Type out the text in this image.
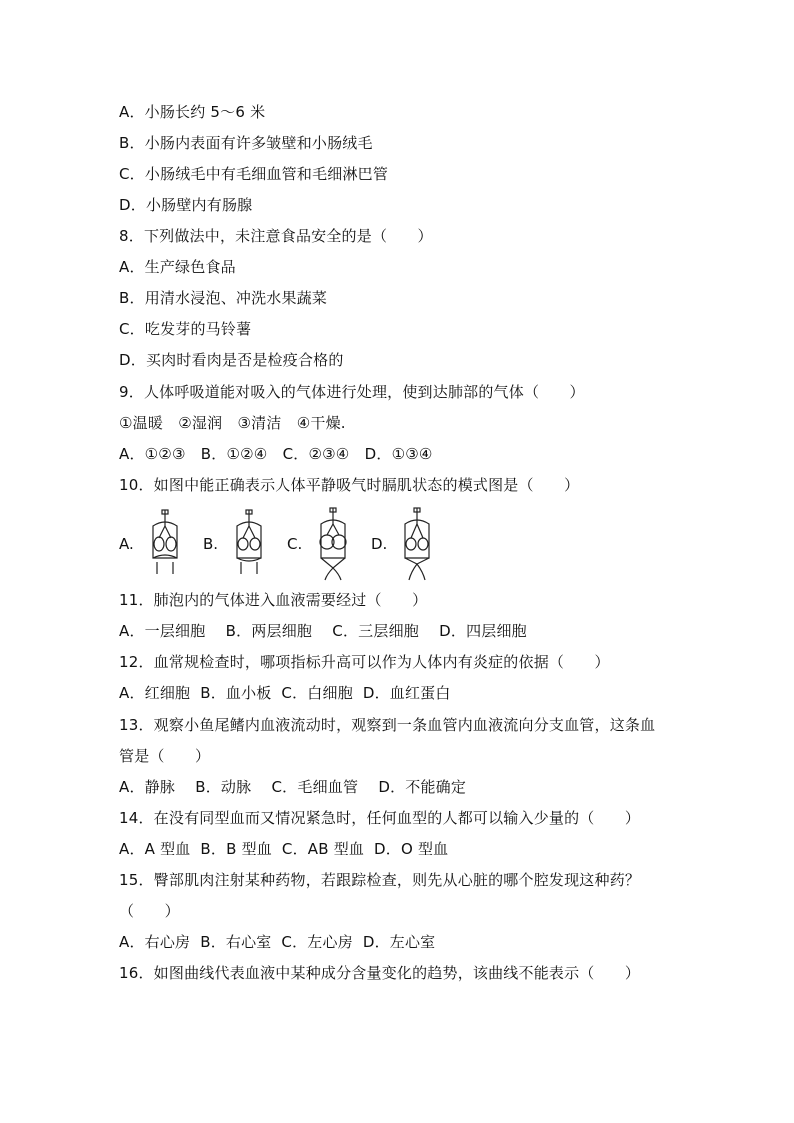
A．小肠长约 5～6 米
B．小肠内表面有许多皱壁和小肠绒毛
C．小肠绒毛中有毛细血管和毛细淋巴管
D．小肠壁内有肠腺
8．下列做法中，未注意食品安全的是（　　）
A．生产绿色食品
B．用清水浸泡、冲洗水果蔬菜
C．吃发芽的马铃薯
D．买肉时看肉是否是检疫合格的
9．人体呼吸道能对吸入的气体进行处理，使到达肺部的气体（　　）
①温暖　②湿润　③清洁　④干燥.
A．①②③　B．①②④　C．②③④　D．①③④
10．如图中能正确表示人体平静吸气时膈肌状态的模式图是（　　）
A.	B.	C.	D.
11．肺泡内的气体进入血液需要经过（　　）
A．一层细胞　 B．两层细胞　 C．三层细胞　 D．四层细胞
12．血常规检查时，哪项指标升高可以作为人体内有炎症的依据（　　）
A．红细胞  B．血小板  C．白细胞  D．血红蛋白
13．观察小鱼尾鳍内血液流动时，观察到一条血管内血液流向分支血管，这条血
管是（　　）
A．静脉　 B．动脉　 C．毛细血管　 D．不能确定
14．在没有同型血而又情况紧急时，任何血型的人都可以输入少量的（　　）
A．A 型血  B．B 型血  C．AB 型血  D．O 型血
15．臀部肌肉注射某种药物，若跟踪检查，则先从心脏的哪个腔发现这种药？
（　　）
A．右心房  B．右心室  C．左心房  D．左心室
16．如图曲线代表血液中某种成分含量变化的趋势，该曲线不能表示（　　）
